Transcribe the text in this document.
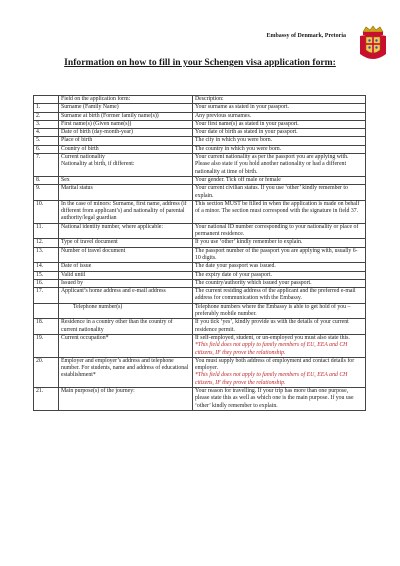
Embassy of Denmark, Pretoria
Information on how to fill in your Schengen visa application form:
	Field on the application form:	Description:
1.	Surname (Family Name)	Your surname as stated in your passport.

2.	Surname at birth (Former family name(s))	Any previous surnames.

3.	First name(s) (Given name(s))	Your first name(s) as stated in your passport.

4.	Date of birth (day-month-year)	Your date of birth as stated in your passport.

5.	Place of birth	The city in which you were born.

6.	Country of birth	The country in which you were born.

7.	Current nationality
Nationality at birth, if different:	Your current nationality as per the passport you are applying with. Please also state if you hold another nationality or had a different nationality at time of birth.

8.	Sex	Your gender. Tick off male or female

9.	Marital status	Your current civilian status. If you use ‘other’ kindly remember to explain.

10.	In the case of minors: Surname, first name, address (if different from applicant’s) and nationality of parental authority/legal guardian	This section MUST be filled in when the application is made on behalf of a minor. The section must correspond with the signature in field 37.

11.	National identity number, where applicable:	Your national ID number corresponding to your nationality or place of permanent residence.

12.	Type of travel document	If you use ‘other’ kindly remember to explain.

13.	Number of travel document	The passport number of the passport you are applying with, usually 6-10 digits.

14.	Date of issue	The date your passport was issued.

15.	Valid until	The expiry date of your passport.

16.	Issued by	The country/authority which issued your passport.

17.	Applicant’s home address and e-mail address	The current residing address of the applicant and the preferred e-mail address for communication with the Embassy.

	Telephone number(s)	Telephone numbers where the Embassy is able to get hold of you – preferably mobile number.

18.	Residence in a country other than the country of current nationality	If you tick ‘yes’, kindly provide us with the details of your current residence permit.

19.	Current occupation*	If self-employed, student, or un-employed you must also state this.
*This field does not apply to family members of EU, EEA and CH citizens, IF they prove the relationship.

20.	Employer and employer’s address and telephone number. For students, name and address of educational establishment*	You must supply both address of employment and contact details for employer.
*This field does not apply to family members of EU, EEA and CH citizens, IF they prove the relationship.

21.	Main purpose(s) of the journey:	Your reason for travelling. If your trip has more than one purpose, please state this as well as which one is the main purpose. If you use ‘other’ kindly remember to explain.
